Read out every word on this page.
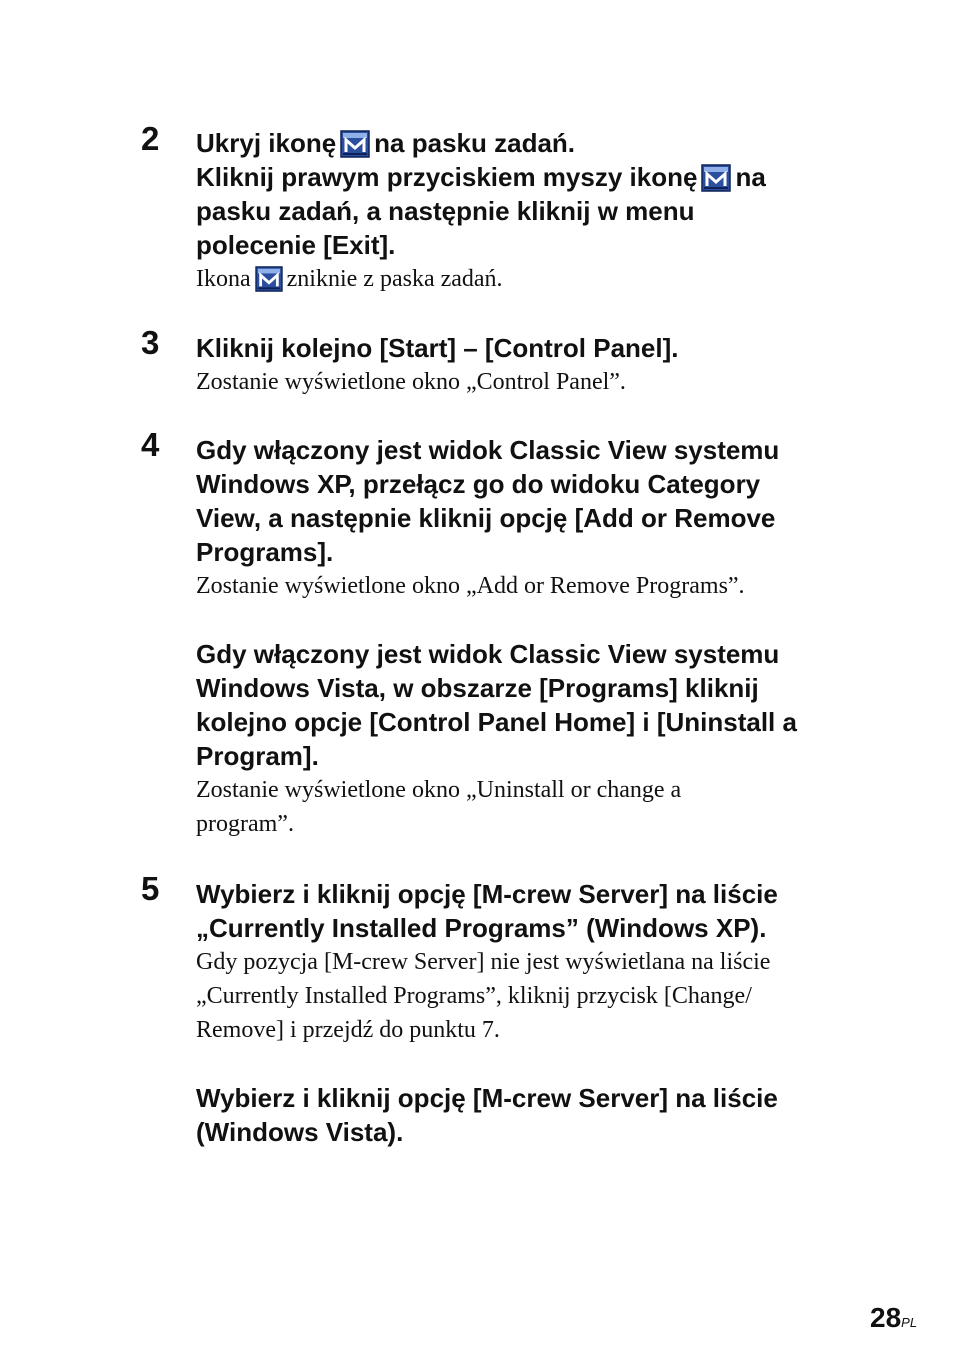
2 Ukryj ikonę na pasku zadań.

Kliknij prawym przyciskiem myszy ikonę na

pasku zadań, a następnie kliknij w menu

polecenie [Exit].

Ikona zniknie z paska zadań.

3 Kliknij kolejno [Start] – [Control Panel].

Zostanie wyświetlone okno „Control Panel”.

4 Gdy włączony jest widok Classic View systemu

Windows XP, przełącz go do widoku Category

View, a następnie kliknij opcję [Add or Remove

Programs].

Zostanie wyświetlone okno „Add or Remove Programs”.

Gdy włączony jest widok Classic View systemu

Windows Vista, w obszarze [Programs] kliknij

kolejno opcje [Control Panel Home] i [Uninstall a

Program].

Zostanie wyświetlone okno „Uninstall or change a

program”.

5 Wybierz i kliknij opcję [M-crew Server] na liście

„Currently Installed Programs” (Windows XP).

Gdy pozycja [M-crew Server] nie jest wyświetlana na liście

„Currently Installed Programs”, kliknij przycisk [Change/

Remove] i przejdź do punktu 7.

Wybierz i kliknij opcję [M-crew Server] na liście

(Windows Vista).

28PL
